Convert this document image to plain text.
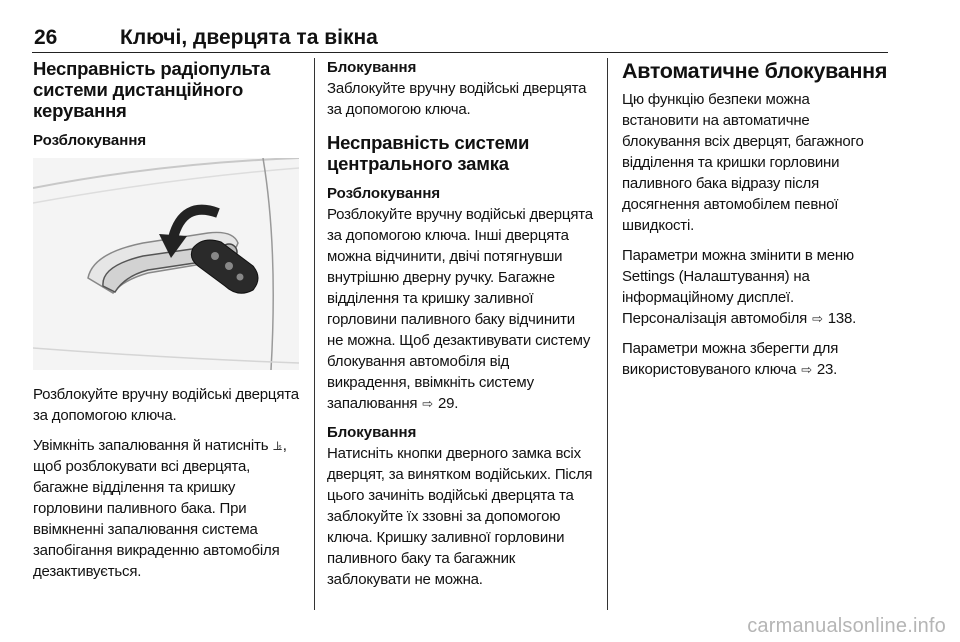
26	Ключі, дверцята та вікна
Несправність радіопульта системи дистанційного керування
Розблокування

Розблокуйте вручну водійські дверцята за допомогою ключа.

Увімкніть запалювання й натисніть ⫡, щоб розблокувати всі дверцята, багажне відділення та кришку горловини паливного бака. При ввімкненні запалювання система запобігання викраденню автомобіля дезактивується.

Блокування

Заблокуйте вручну водійські дверцята за допомогою ключа.

Несправність системи центрального замка
Розблокування

Розблокуйте вручну водійські дверцята за допомогою ключа. Інші дверцята можна відчинити, двічі потягнувши внутрішню дверну ручку. Багажне відділення та кришку заливної горловини паливного баку відчинити не можна. Щоб дезактивувати систему блокування автомобіля від викрадення, ввімкніть систему запалювання ⇨ 29.

Блокування

Натисніть кнопки дверного замка всіх дверцят, за винятком водійських. Після цього зачиніть водійські дверцята та заблокуйте їх ззовні за допомогою ключа. Кришку заливної горловини паливного баку та багажник заблокувати не можна.

Автоматичне блокування

Цю функцію безпеки можна встановити на автоматичне блокування всіх дверцят, багажного відділення та кришки горловини паливного бака відразу після досягнення автомобілем певної швидкості.

Параметри можна змінити в меню Settings (Налаштування) на інформаційному дисплеї.
Персоналізація автомобіля ⇨ 138.

Параметри можна зберегти для використовуваного ключа ⇨ 23.

carmanualsonline.info
